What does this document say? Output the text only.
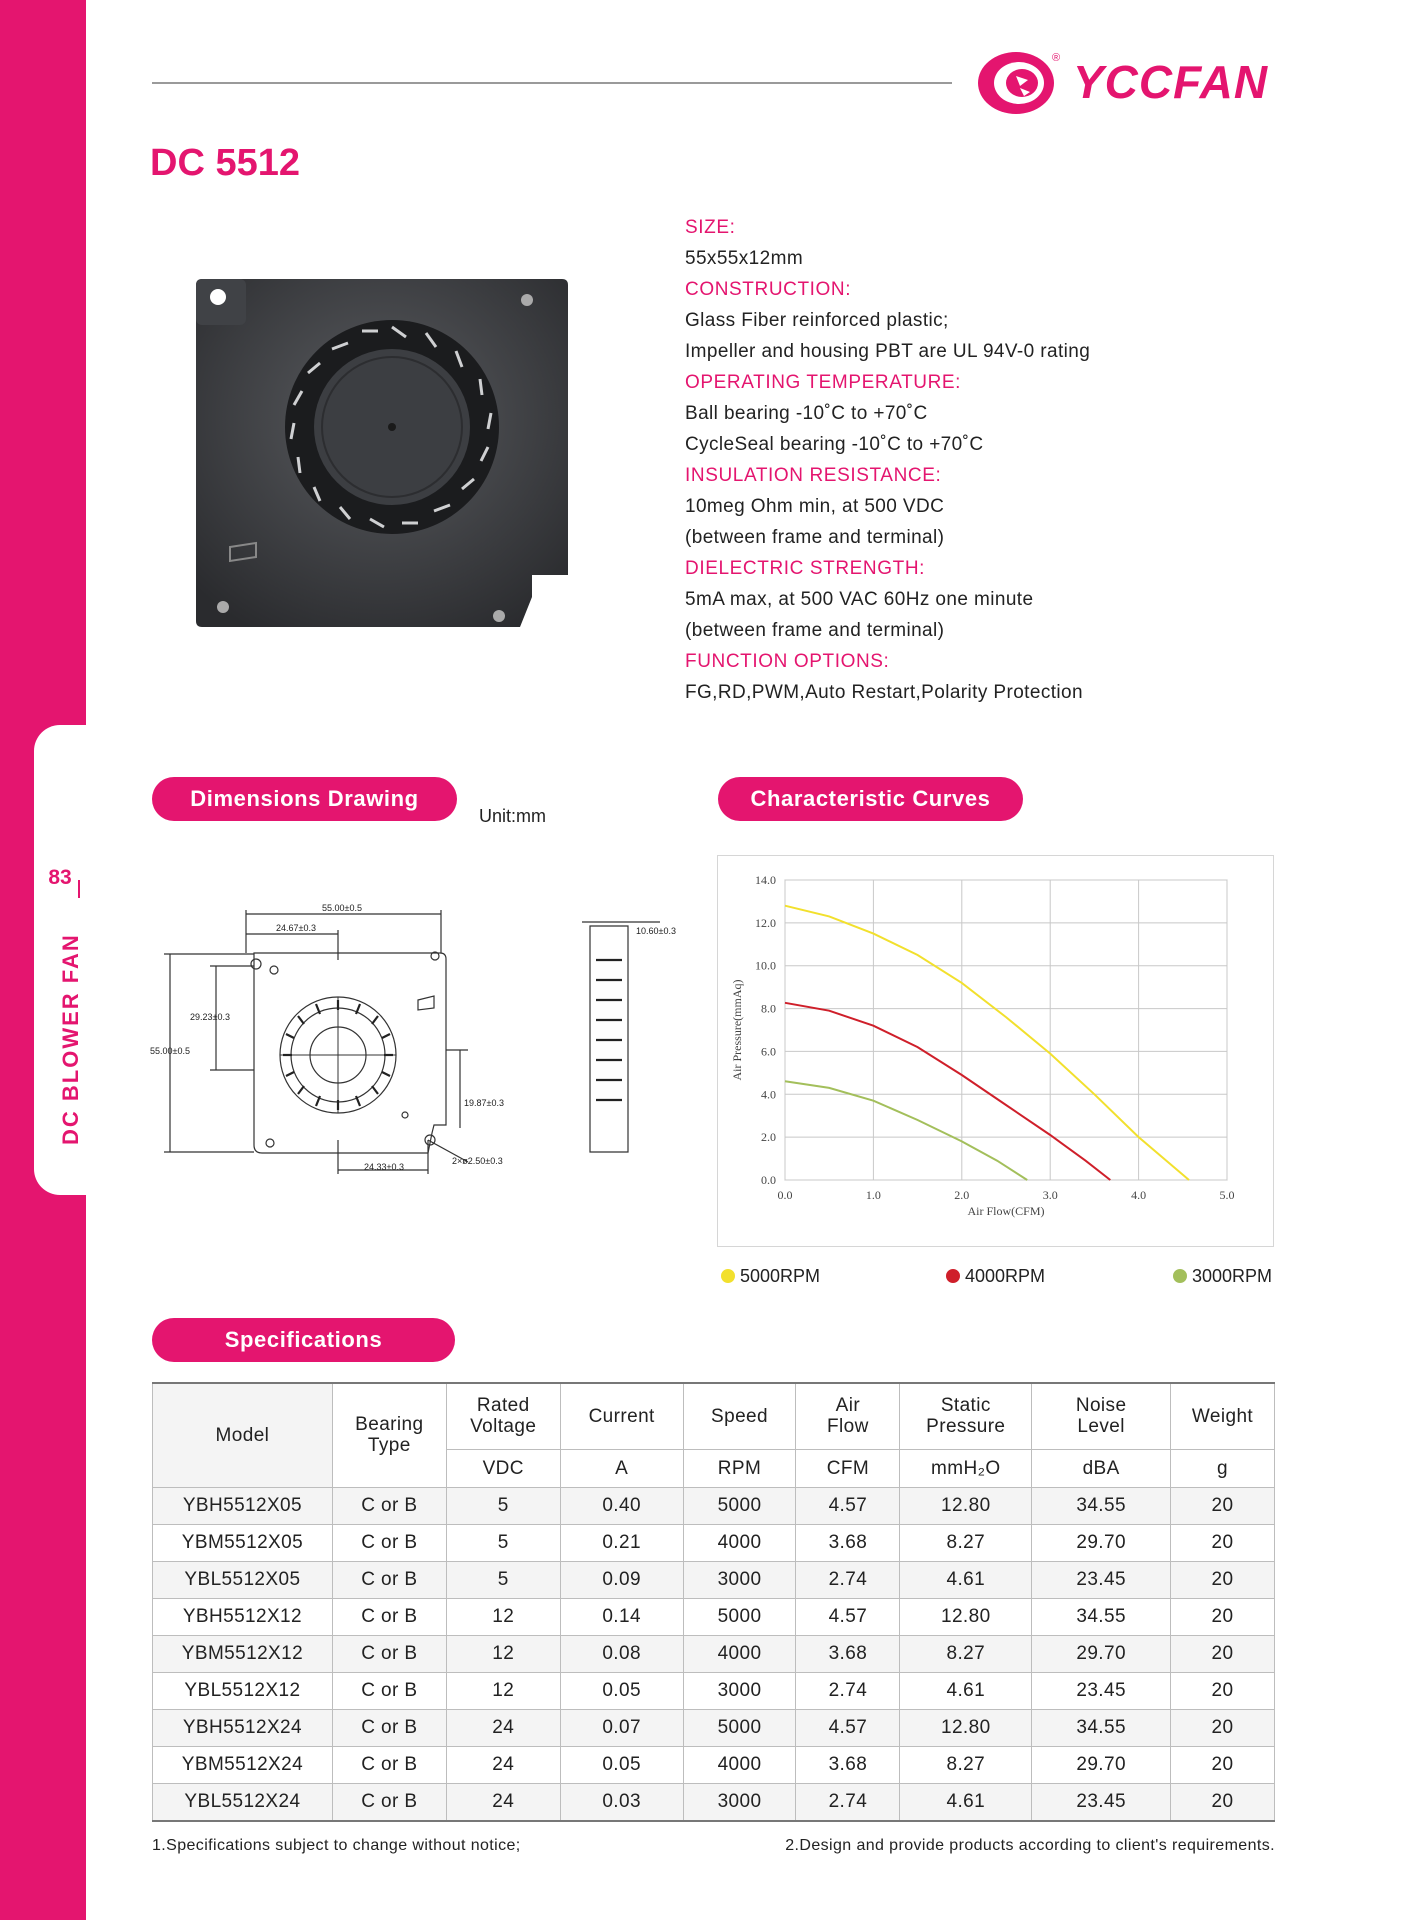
83
DC BLOWER FAN
® YCCFAN
DC 5512
SIZE:
55x55x12mm
CONSTRUCTION:
Glass Fiber reinforced plastic;
Impeller and housing PBT are UL 94V-0 rating
OPERATING TEMPERATURE:
Ball bearing -10˚C to +70˚C
CycleSeal bearing -10˚C to +70˚C
INSULATION RESISTANCE:
10meg Ohm min, at 500 VDC
(between frame and terminal)
DIELECTRIC STRENGTH:
5mA max, at 500 VAC 60Hz one minute
(between frame and terminal)
FUNCTION OPTIONS:
FG,RD,PWM,Auto Restart,Polarity Protection
Dimensions Drawing
Unit:mm
Characteristic Curves
55.00±0.5
24.67±0.3
29.23±0.3
55.00±0.5
19.87±0.3
24.33±0.3
2×ø2.50±0.3
10.60±0.3
0.0	1.0	2.0	3.0	4.0	5.0
0.0
2.0
4.0
6.0
8.0
10.0
12.0
14.0
Air Flow(CFM)
Air Pressure(mmAq)
5000RPM	4000RPM	3000RPM
Specifications
Model	Bearing Type	Rated Voltage	Current	Speed	Air Flow	Static Pressure	Noise Level	Weight
		VDC	A	RPM	CFM	mmH₂O	dBA	g
YBH5512X05	C or B	5	0.40	5000	4.57	12.80	34.55	20
YBM5512X05	C or B	5	0.21	4000	3.68	8.27	29.70	20
YBL5512X05	C or B	5	0.09	3000	2.74	4.61	23.45	20
YBH5512X12	C or B	12	0.14	5000	4.57	12.80	34.55	20
YBM5512X12	C or B	12	0.08	4000	3.68	8.27	29.70	20
YBL5512X12	C or B	12	0.05	3000	2.74	4.61	23.45	20
YBH5512X24	C or B	24	0.07	5000	4.57	12.80	34.55	20
YBM5512X24	C or B	24	0.05	4000	3.68	8.27	29.70	20
YBL5512X24	C or B	24	0.03	3000	2.74	4.61	23.45	20
1.Specifications subject to change without notice;	2.Design and provide products according to client's requirements.
